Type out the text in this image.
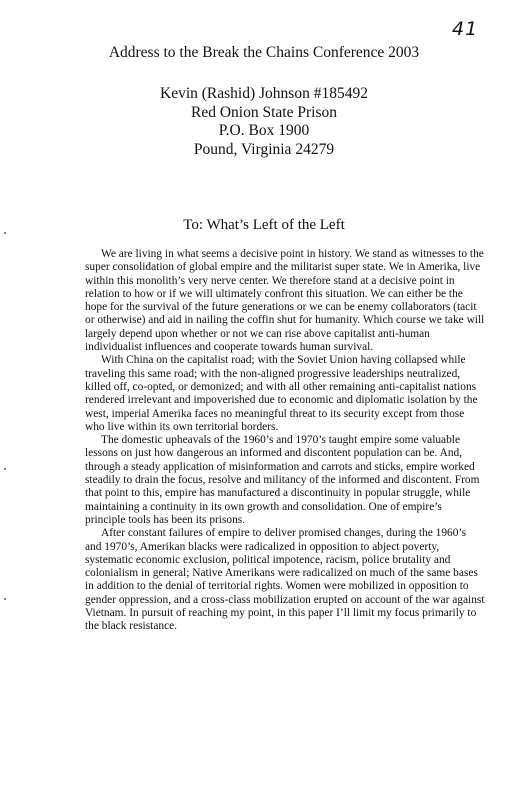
41
Address to the Break the Chains Conference 2003
Kevin (Rashid) Johnson #185492
Red Onion State Prison
P.O. Box 1900
Pound, Virginia 24279
To: What’s Left of the Left

We are living in what seems a decisive point in history. We stand as witnesses to the super consolidation of global empire and the militarist super state. We in Amerika, live within this monolith’s very nerve center. We therefore stand at a decisive point in relation to how or if we will ultimately confront this situation. We can either be the hope for the survival of the future generations or we can be enemy collaborators (tacit or otherwise) and aid in nailing the coffin shut for humanity. Which course we take will largely depend upon whether or not we can rise above capitalist anti-human individualist influences and cooperate towards human survival.

With China on the capitalist road; with the Soviet Union having collapsed while traveling this same road; with the non-aligned progressive leaderships neutralized, killed off, co-opted, or demonized; and with all other remaining anti-capitalist nations rendered irrelevant and impoverished due to economic and diplomatic isolation by the west, imperial Amerika faces no meaningful threat to its security except from those who live within its own territorial borders.

The domestic upheavals of the 1960’s and 1970’s taught empire some valuable lessons on just how dangerous an informed and discontent population can be. And, through a steady application of misinformation and carrots and sticks, empire worked steadily to drain the focus, resolve and militancy of the informed and discontent. From that point to this, empire has manufactured a discontinuity in popular struggle, while maintaining a continuity in its own growth and consolidation. One of empire’s principle tools has been its prisons.

After constant failures of empire to deliver promised changes, during the 1960’s and 1970’s, Amerikan blacks were radicalized in opposition to abject poverty, systematic economic exclusion, political impotence, racism, police brutality and colonialism in general; Native Amerikans were radicalized on much of the same bases in addition to the denial of territorial rights. Women were mobilized in opposition to gender oppression, and a cross-class mobilization erupted on account of the war against Vietnam. In pursuit of reaching my point, in this paper I’ll limit my focus primarily to the black resistance.
